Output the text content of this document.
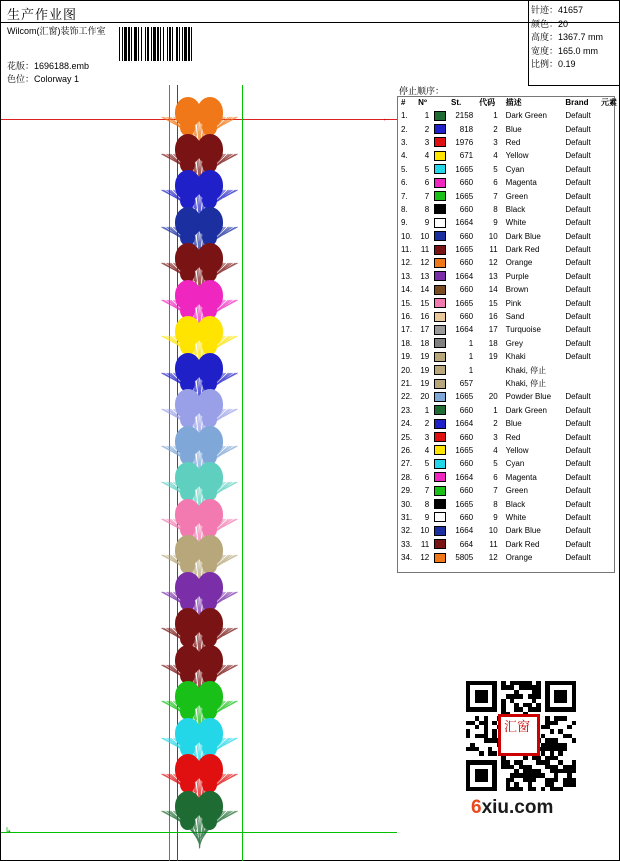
生产作业图
Wilcom(汇窗)装饰工作室
花版：1696188.emb
色位：Colorway 1
针迹：41657
颜色：20
高度：1367.7 mm
宽度：165.0 mm
比例：0.19
停止顺序：
#	Nº		St.	代码	描述	Brand	元素
1.	1		2158	1	Dark Green	Default	
2.	2		818	2	Blue	Default	
3.	3		1976	3	Red	Default	
4.	4		671	4	Yellow	Default	
5.	5		1665	5	Cyan	Default	
6.	6		660	6	Magenta	Default	
7.	7		1665	7	Green	Default	
8.	8		660	8	Black	Default	
9.	9		1664	9	White	Default	
10.	10		660	10	Dark Blue	Default	
11.	11		1665	11	Dark Red	Default	
12.	12		660	12	Orange	Default	
13.	13		1664	13	Purple	Default	
14.	14		660	14	Brown	Default	
15.	15		1665	15	Pink	Default	
16.	16		660	16	Sand	Default	
17.	17		1664	17	Turquoise	Default	
18.	18		1	18	Grey	Default	
19.	19		1	19	Khaki	Default	
20.	19		1		Khaki, 停止		
21.	19		657		Khaki, 停止		
22.	20		1665	20	Powder Blue	Default	
23.	1		660	1	Dark Green	Default	
24.	2		1664	2	Blue	Default	
25.	3		660	3	Red	Default	
26.	4		1665	4	Yellow	Default	
27.	5		660	5	Cyan	Default	
28.	6		1664	6	Magenta	Default	
29.	7		660	7	Green	Default	
30.	8		1665	8	Black	Default	
31.	9		660	9	White	Default	
32.	10		1664	10	Dark Blue	Default	
33.	11		664	11	Dark Red	Default	
34.	12		5805	12	Orange	Default	
←
↳
汇窗
6xiu.com
